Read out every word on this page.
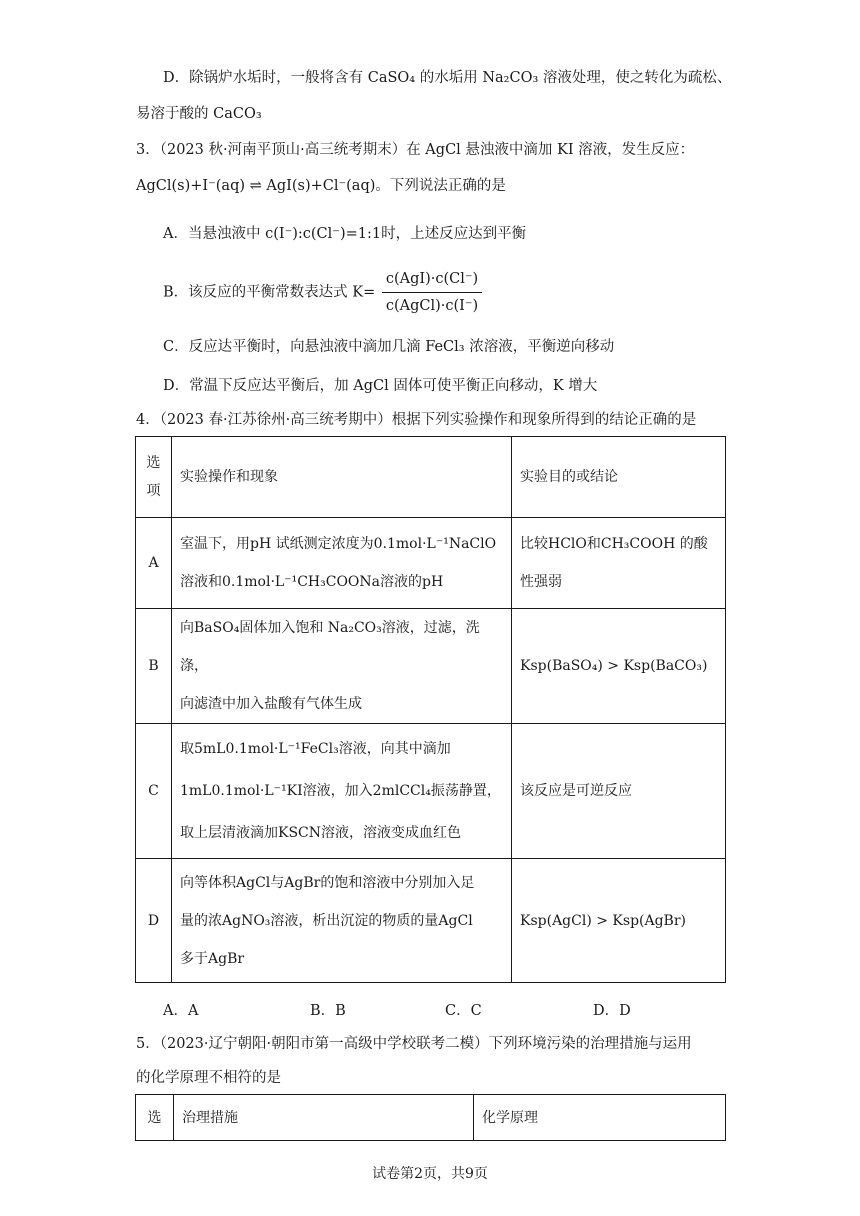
D．除锅炉水垢时，一般将含有 CaSO₄ 的水垢用 Na₂CO₃ 溶液处理，使之转化为疏松、
易溶于酸的 CaCO₃
3．（2023 秋·河南平顶山·高三统考期末）在 AgCl 悬浊液中滴加 KI 溶液，发生反应：
AgCl(s)+I⁻(aq) ⇌ AgI(s)+Cl⁻(aq)。下列说法正确的是
A．当悬浊液中 c(I⁻):c(Cl⁻)=1:1时，上述反应达到平衡
B．该反应的平衡常数表达式 $K= \frac{\text{c(AgI)·c(Cl⁻)}}{\text{c(AgCl)·c(I⁻)}}$
C．反应达平衡时，向悬浊液中滴加几滴 FeCl₃ 浓溶液，平衡逆向移动
D．常温下反应达平衡后，加 AgCl 固体可使平衡正向移动，K 增大
4．（2023 春·江苏徐州·高三统考期中）根据下列实验操作和现象所得到的结论正确的是
选
项	实验操作和现象	实验目的或结论
A	室温下，用pH 试纸测定浓度为0.1mol·L⁻¹NaClO
溶液和0.1mol·L⁻¹CH₃COONa溶液的pH	比较HClO和CH₃COOH 的酸
性强弱

B	向BaSO₄固体加入饱和 Na₂CO₃溶液，过滤，洗涤，
向滤渣中加入盐酸有气体生成	Ksp(BaSO₄) > Ksp(BaCO₃)

C	取5mL0.1mol·L⁻¹FeCl₃溶液，向其中滴加
1mL0.1mol·L⁻¹KI溶液，加入2mlCCl₄振荡静置，
取上层清液滴加KSCN溶液，溶液变成血红色	该反应是可逆反应

D	向等体积AgCl与AgBr的饱和溶液中分别加入足
量的浓AgNO₃溶液，析出沉淀的物质的量AgCl
多于AgBr	Ksp(AgCl) > Ksp(AgBr)
A．A	B．B	C．C	D．D
5．（2023·辽宁朝阳·朝阳市第一高级中学校联考二模）下列环境污染的治理措施与运用
的化学原理不相符的是
选	治理措施	化学原理
试卷第2页，共9页
